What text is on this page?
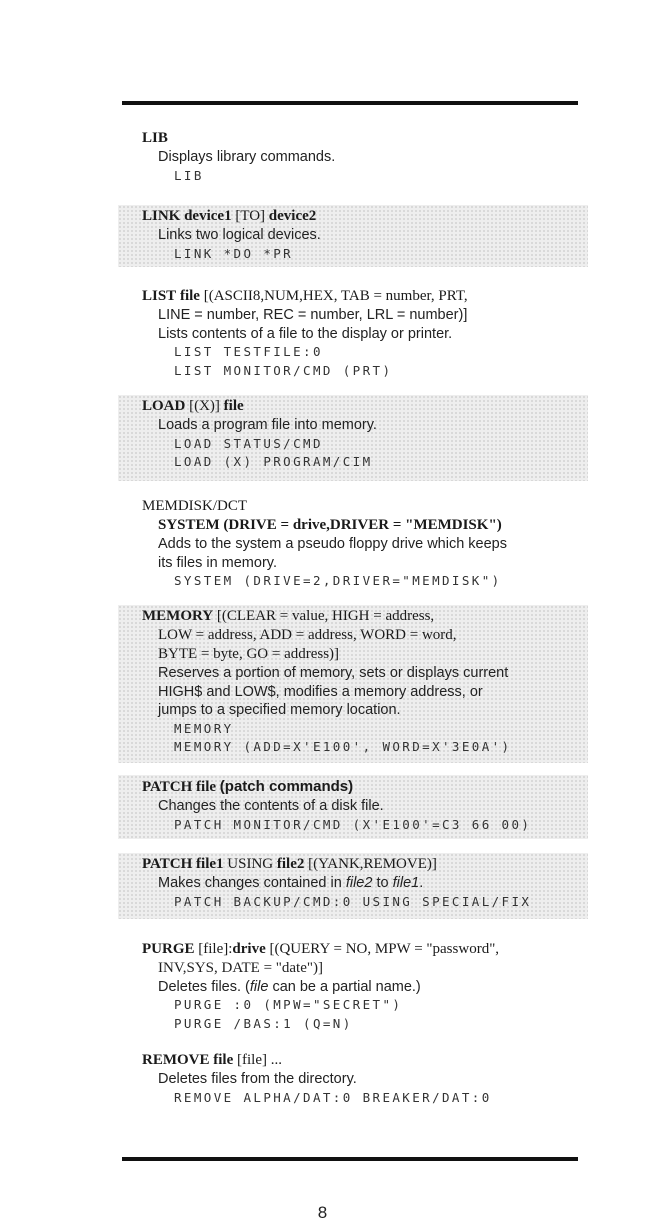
LIB
Displays library commands.
LIB
LINK device1 [TO] device2
Links two logical devices.
LINK *DO *PR
LIST file [(ASCII8,NUM,HEX, TAB = number, PRT,
LINE = number, REC = number, LRL = number)]
Lists contents of a file to the display or printer.
LIST TESTFILE:0
LIST MONITOR/CMD (PRT)
LOAD [(X)] file
Loads a program file into memory.
LOAD STATUS/CMD
LOAD (X) PROGRAM/CIM
MEMDISK/DCT
SYSTEM (DRIVE = drive,DRIVER = "MEMDISK")
Adds to the system a pseudo floppy drive which keeps
its files in memory.
SYSTEM (DRIVE=2,DRIVER="MEMDISK")
MEMORY [(CLEAR = value, HIGH = address,
LOW = address, ADD = address, WORD = word,
BYTE = byte, GO = address)]
Reserves a portion of memory, sets or displays current
HIGH$ and LOW$, modifies a memory address, or
jumps to a specified memory location.
MEMORY
MEMORY (ADD=X'E100', WORD=X'3E0A')
PATCH file (patch commands)
Changes the contents of a disk file.
PATCH MONITOR/CMD (X'E100'=C3 66 00)
PATCH file1 USING file2 [(YANK,REMOVE)]
Makes changes contained in file2 to file1.
PATCH BACKUP/CMD:0 USING SPECIAL/FIX
PURGE [file]:drive [(QUERY = NO, MPW = "password",
INV,SYS, DATE = "date")]
Deletes files. (file can be a partial name.)
PURGE :0 (MPW="SECRET")
PURGE /BAS:1 (Q=N)
REMOVE file [file] ...
Deletes files from the directory.
REMOVE ALPHA/DAT:0 BREAKER/DAT:0
8
